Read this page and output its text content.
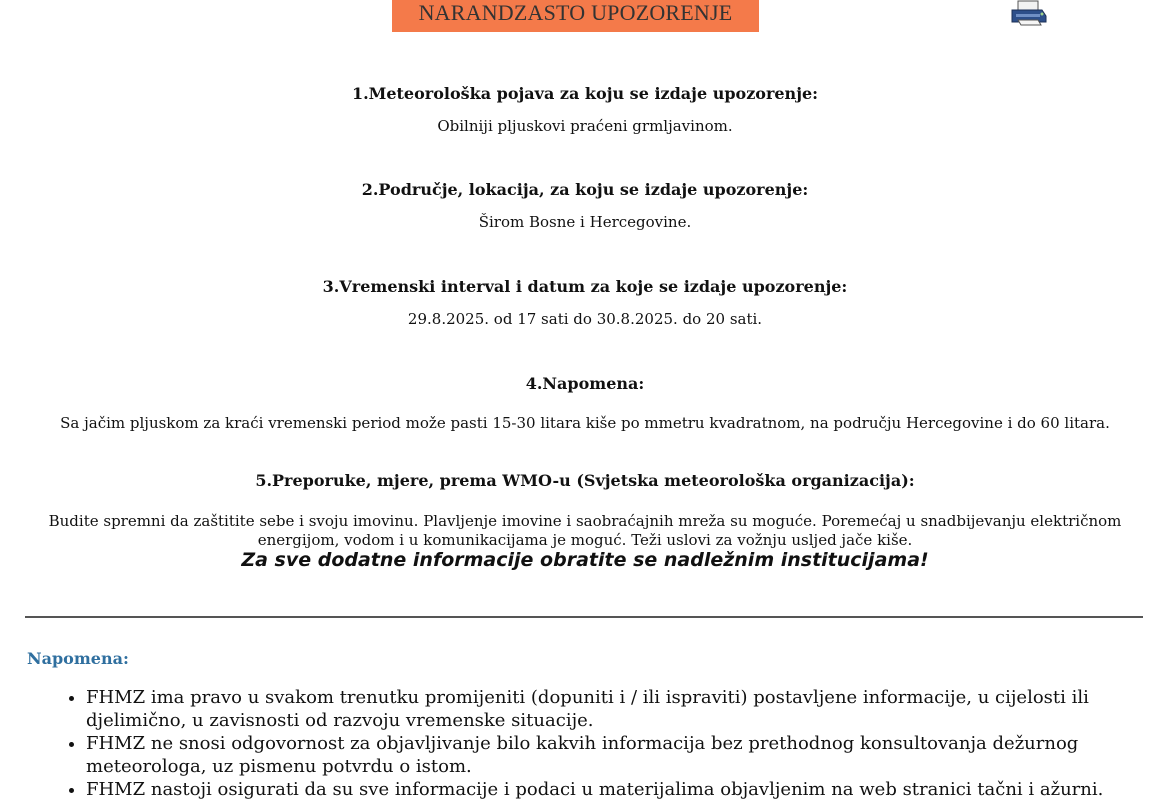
NARANDZASTO UPOZORENJE
1.Meteorološka pojava za koju se izdaje upozorenje:
Obilniji pljuskovi praćeni grmljavinom.
2.Područje, lokacija, za koju se izdaje upozorenje:
Širom Bosne i Hercegovine.
3.Vremenski interval i datum za koje se izdaje upozorenje:
29.8.2025. od 17 sati do 30.8.2025. do 20 sati.
4.Napomena:
Sa jačim pljuskom za kraći vremenski period može pasti 15-30 litara kiše po mmetru kvadratnom, na području Hercegovine i do 60 litara.
5.Preporuke, mjere, prema WMO-u (Svjetska meteorološka organizacija):
Budite spremni da zaštitite sebe i svoju imovinu. Plavljenje imovine i saobraćajnih mreža su moguće. Poremećaj u snadbijevanju električnom
energijom, vodom i u komunikacijama je moguć. Teži uslovi za vožnju usljed jače kiše.
Za sve dodatne informacije obratite se nadležnim institucijama!
Napomena:
• FHMZ ima pravo u svakom trenutku promijeniti (dopuniti i / ili ispraviti) postavljene informacije, u cijelosti ili djelimično, u zavisnosti od razvoju vremenske situacije.
• FHMZ ne snosi odgovornost za objavljivanje bilo kakvih informacija bez prethodnog konsultovanja dežurnog meteorologa, uz pismenu potvrdu o istom.
• FHMZ nastoji osigurati da su sve informacije i podaci u materijalima objavljenim na web stranici tačni i ažurni.
